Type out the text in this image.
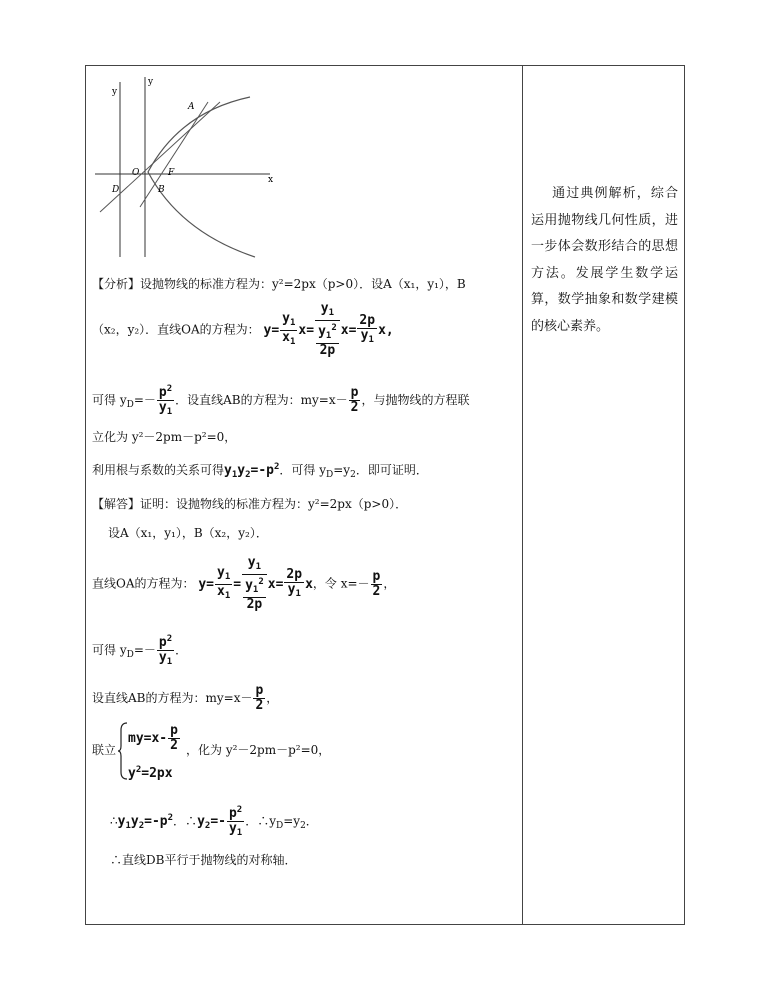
y
y
x
A
O	F
D	B
【分析】设抛物线的标准方程为：y²=2px（p>0）．设A（x₁，y₁），B
（x₂，y₂）．直线OA的方程为： $y= \frac{y_1}{x_1} x= \frac{y_1}{\frac{y_1^2}{2p}} x= \frac{2p}{y_1} x$,
可得 $y_D=- \frac{p^2}{y_1}$ ．设直线AB的方程为：$my=x- \frac{p}{2}$ ，与抛物线的方程联
立化为 y²－2pm－p²=0，
利用根与系数的关系可得$y_1y_2=-p^2$．可得 $y_D=y_2$．即可证明．
【解答】证明：设抛物线的标准方程为：y²=2px（p>0）．
设A（x₁，y₁），B（x₂，y₂）．
直线OA的方程为： $y= \frac{y_1}{x_1} = \frac{y_1}{\frac{y_1^2}{2p}} x= \frac{2p}{y_1}$ x，令 $x=- \frac{p}{2}$ ，
可得 $y_D=- \frac{p^2}{y_1}$ ．
设直线AB的方程为：$my=x- \frac{p}{2}$ ，
联立
$my=x- \frac{p}{2}$
$y^2=2px$
，化为 y²－2pm－p²=0，
$\therefore y_1y_2=-p^2$．$\therefore y_2=- \frac{p^2}{y_1}$ ．$\therefore y_D=y_2$．
∴直线DB平行于抛物线的对称轴．
通过典例解析，综合运用抛物线几何性质，进一步体会数形结合的思想方法。发展学生数学运算，数学抽象和数学建模的核心素养。
